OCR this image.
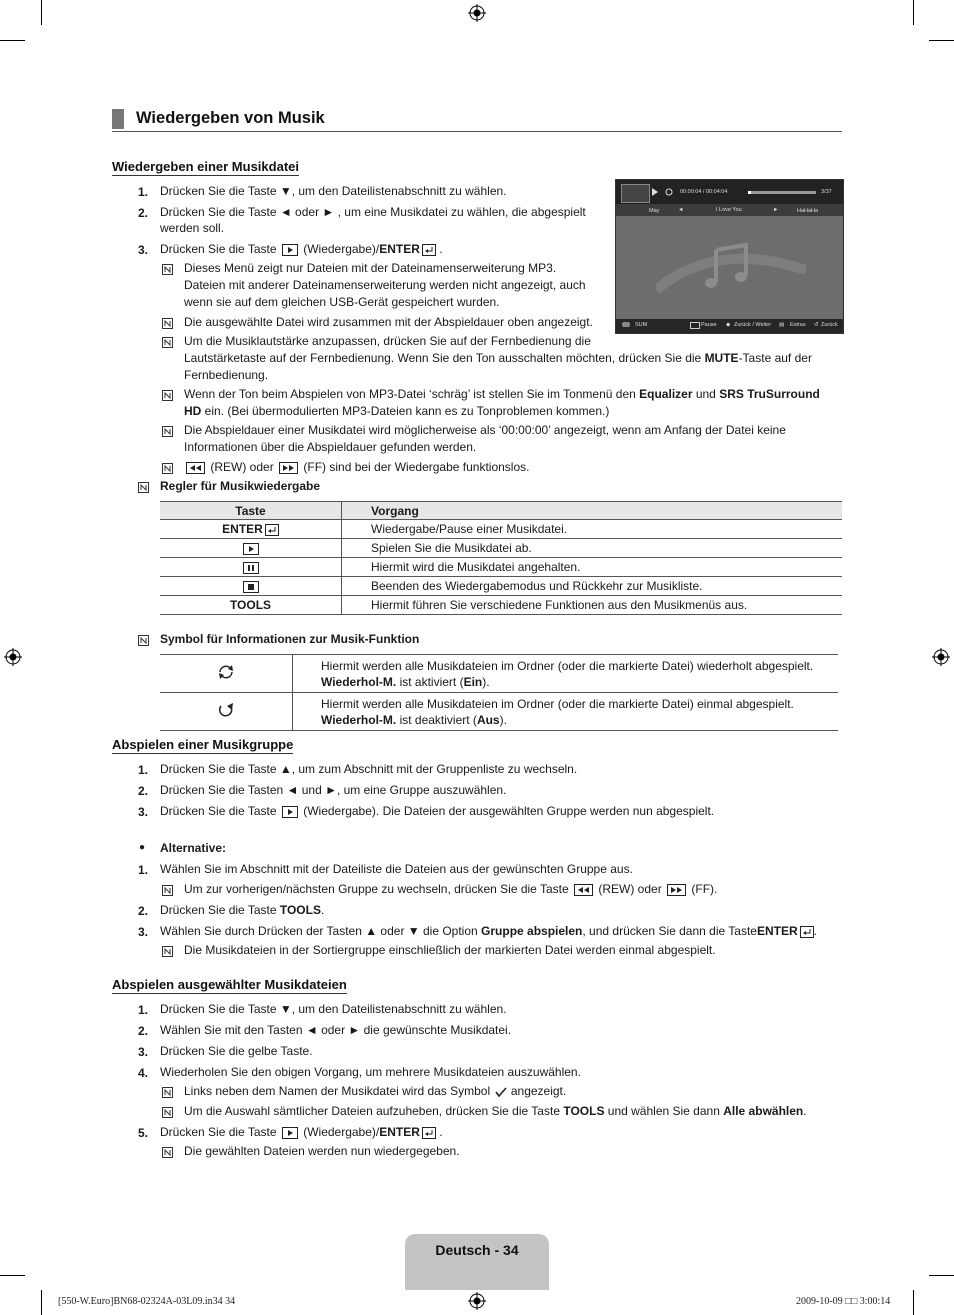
Wiedergeben von Musik
Wiedergeben einer Musikdatei
1. Drücken Sie die Taste ▼, um den Dateilistenabschnitt zu wählen.
2. Drücken Sie die Taste ◄ oder ► , um eine Musikdatei zu wählen, die abgespielt
werden soll.
3. Drücken Sie die Taste (Wiedergabe)/ENTER .
Dieses Menü zeigt nur Dateien mit der Dateinamenserweiterung MP3.
Dateien mit anderer Dateinamenserweiterung werden nicht angezeigt, auch
wenn sie auf dem gleichen USB-Gerät gespeichert wurden.
Die ausgewählte Datei wird zusammen mit der Abspieldauer oben angezeigt.
Um die Musiklautstärke anzupassen, drücken Sie auf der Fernbedienung die
Lautstärketaste auf der Fernbedienung. Wenn Sie den Ton ausschalten möchten, drücken Sie die MUTE-Taste auf der
Fernbedienung.
Wenn der Ton beim Abspielen von MP3-Datei ‘schräg’ ist stellen Sie im Tonmenü den Equalizer und SRS TruSurround
HD ein. (Bei übermodulierten MP3-Dateien kann es zu Tonproblemen kommen.)
Die Abspieldauer einer Musikdatei wird möglicherweise als ‘00:00:00’ angezeigt, wenn am Anfang der Datei keine
Informationen über die Abspieldauer gefunden werden.
(REW) oder (FF) sind bei der Wiedergabe funktionslos.
00:00:04 / 00:04:04	3/37
May	◄	I Love You	►	HaHaHa
SUM	Pause ◆ Zurück / Weiter ▤ Extras ↺ Zurück
Regler für Musikwiedergabe
Taste	Vorgang
ENTER	Wiedergabe/Pause einer Musikdatei.

	Spielen Sie die Musikdatei ab.

	Hiermit wird die Musikdatei angehalten.

	Beenden des Wiedergabemodus und Rückkehr zur Musikliste.
TOOLS	Hiermit führen Sie verschiedene Funktionen aus den Musikmenüs aus.
Symbol für Informationen zur Musik-Funktion

Hiermit werden alle Musikdateien im Ordner (oder die markierte Datei) wiederholt abgespielt.
Wiederhol-M. ist aktiviert (Ein).

Hiermit werden alle Musikdateien im Ordner (oder die markierte Datei) einmal abgespielt.
Wiederhol-M. ist deaktiviert (Aus).
Abspielen einer Musikgruppe
1. Drücken Sie die Taste ▲, um zum Abschnitt mit der Gruppenliste zu wechseln.
2. Drücken Sie die Tasten ◄ und ►, um eine Gruppe auszuwählen.
3. Drücken Sie die Taste (Wiedergabe). Die Dateien der ausgewählten Gruppe werden nun abgespielt.
● Alternative:
1. Wählen Sie im Abschnitt mit der Dateiliste die Dateien aus der gewünschten Gruppe aus.
Um zur vorherigen/nächsten Gruppe zu wechseln, drücken Sie die Taste (REW) oder (FF).
2. Drücken Sie die Taste TOOLS.
3. Wählen Sie durch Drücken der Tasten ▲ oder ▼ die Option Gruppe abspielen, und drücken Sie dann die TasteENTER .
Die Musikdateien in der Sortiergruppe einschließlich der markierten Datei werden einmal abgespielt.
Abspielen ausgewählter Musikdateien
1. Drücken Sie die Taste ▼, um den Dateilistenabschnitt zu wählen.
2. Wählen Sie mit den Tasten ◄ oder ► die gewünschte Musikdatei.
3. Drücken Sie die gelbe Taste.
4. Wiederholen Sie den obigen Vorgang, um mehrere Musikdateien auszuwählen.
Links neben dem Namen der Musikdatei wird das Symbol angezeigt.
Um die Auswahl sämtlicher Dateien aufzuheben, drücken Sie die Taste TOOLS und wählen Sie dann Alle abwählen.
5. Drücken Sie die Taste (Wiedergabe)/ENTER .
Die gewählten Dateien werden nun wiedergegeben.
Deutsch - 34
[550-W.Euro]BN68-02324A-03L09.in34 34	2009-10-09 □□ 3:00:14
